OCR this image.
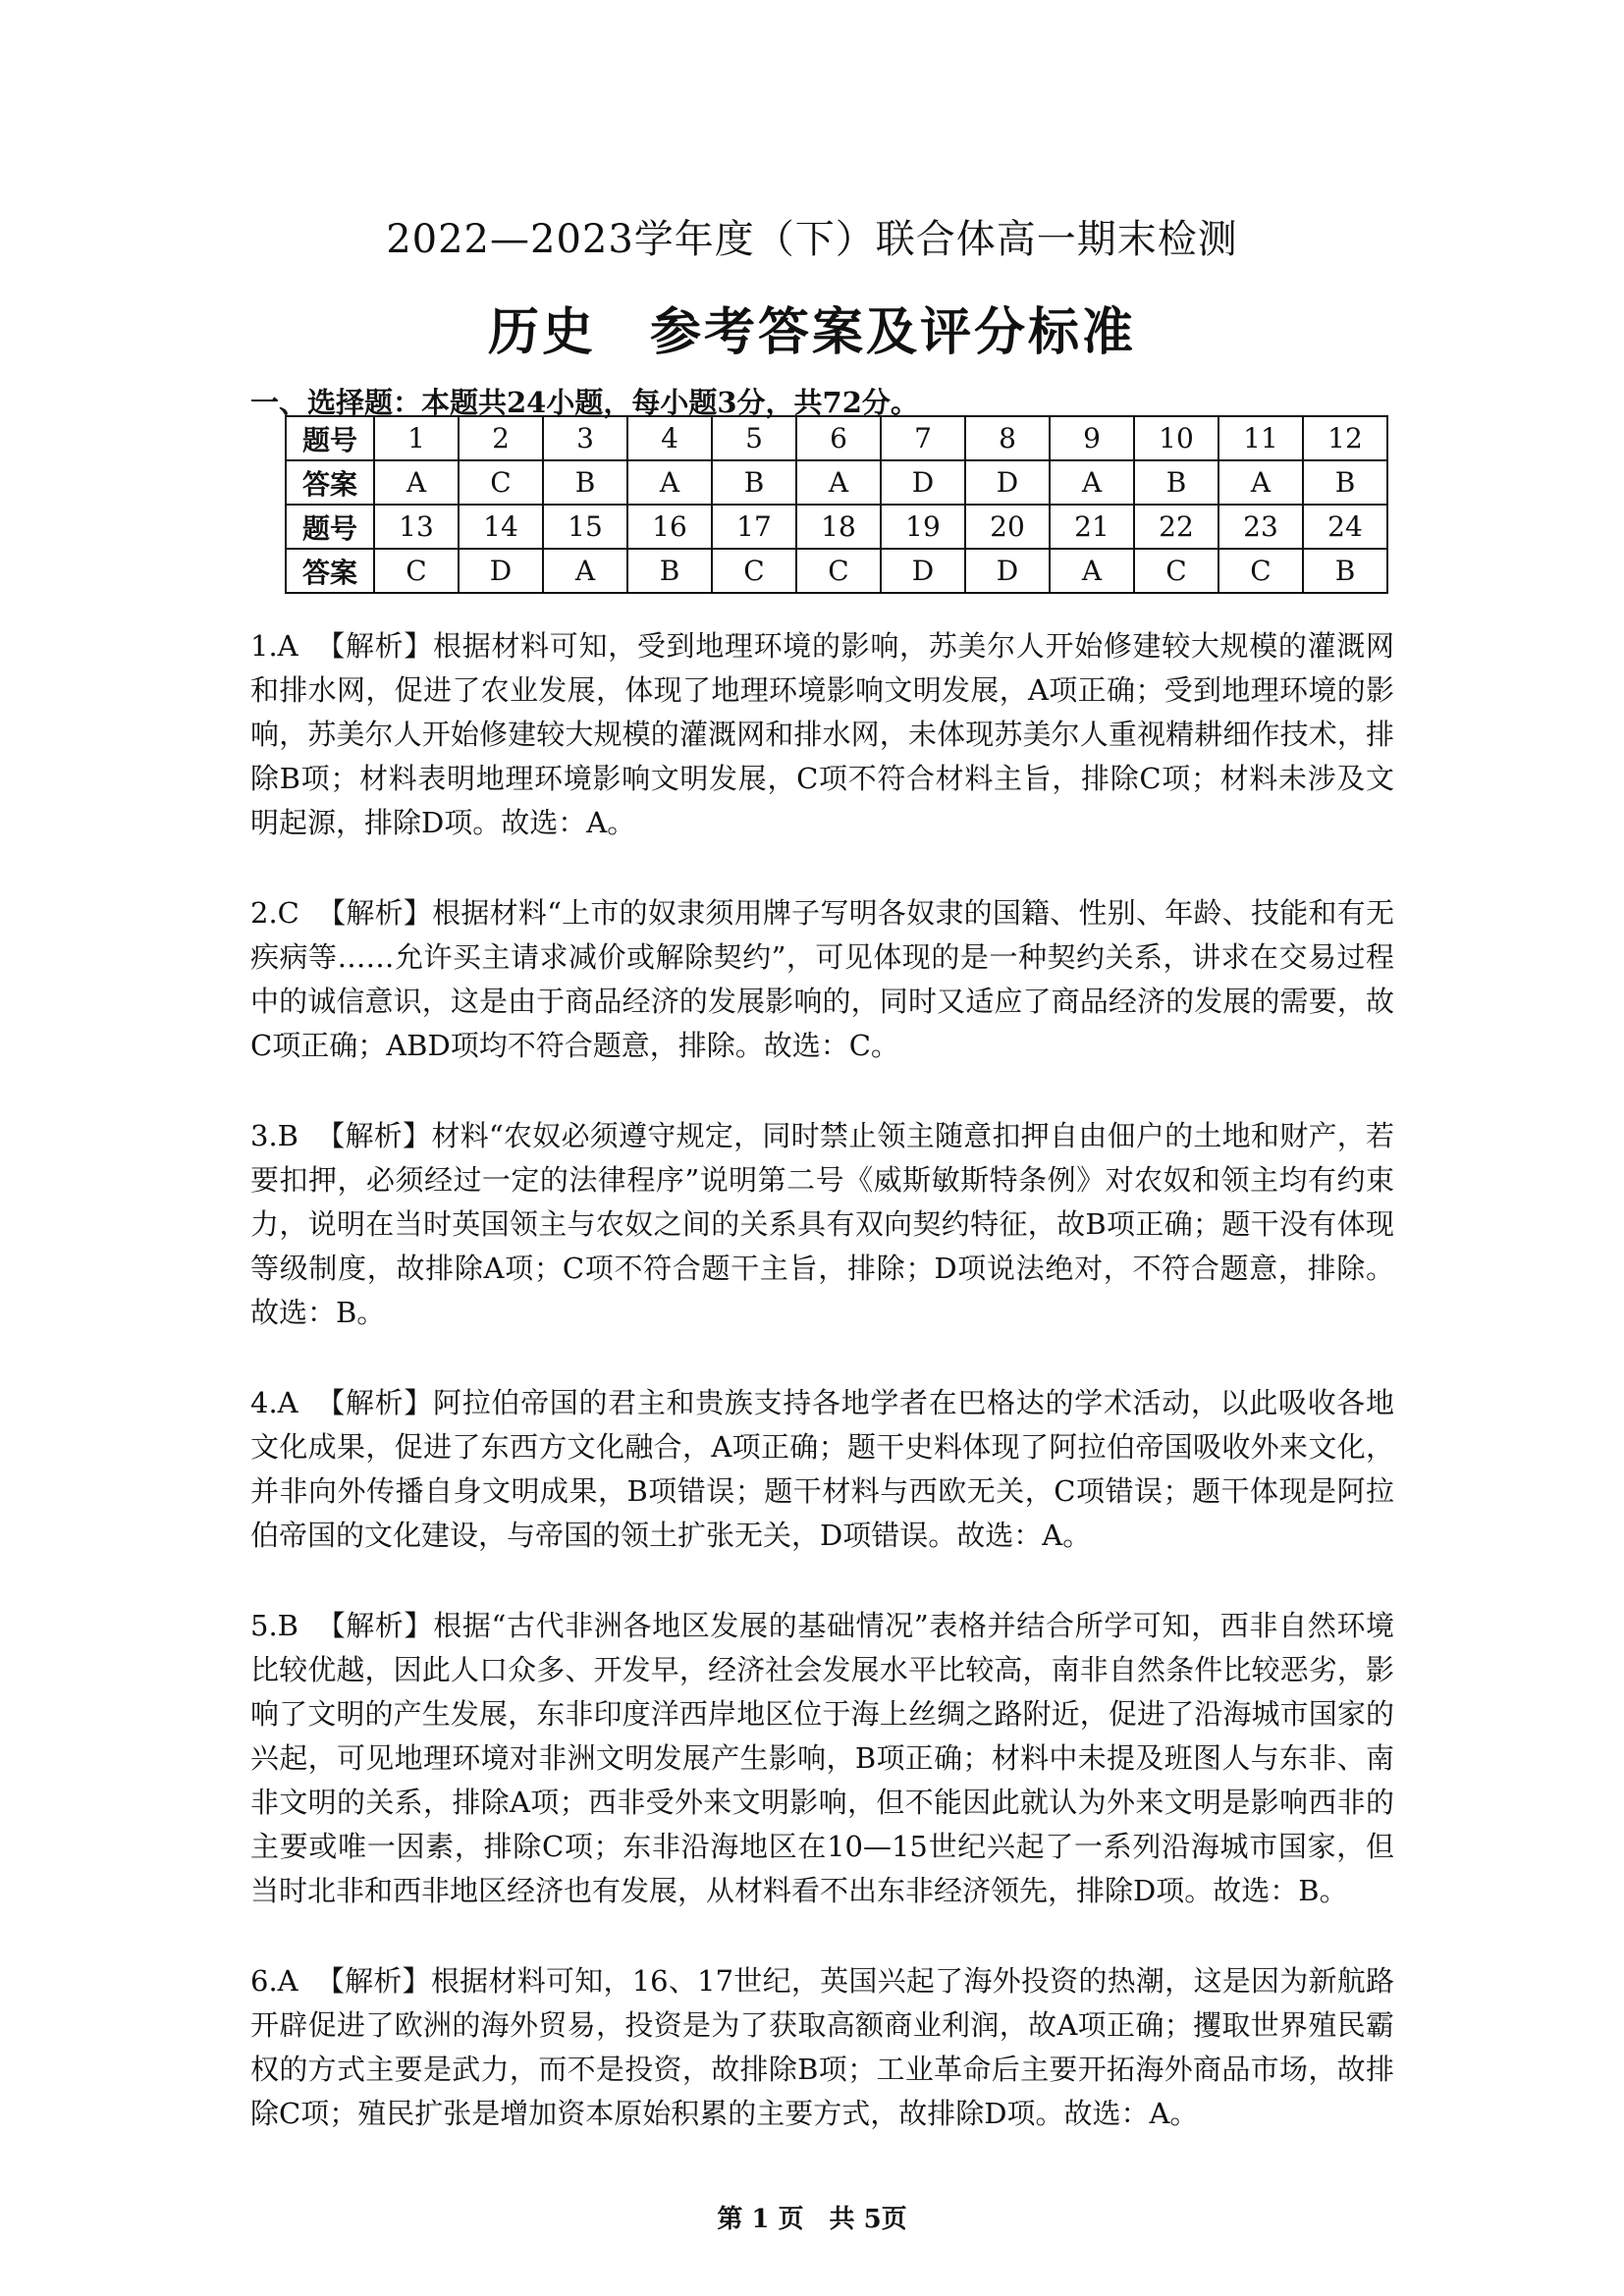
2022—2023学年度（下）联合体高一期末检测
历史　参考答案及评分标准
一、选择题：本题共24小题，每小题3分，共72分。
题号	1	2	3	4	5	6	7	8	9	10	11	12
答案	A	C	B	A	B	A	D	D	A	B	A	B
题号	13	14	15	16	17	18	19	20	21	22	23	24
答案	C	D	A	B	C	C	D	D	A	C	C	B
1.A 【解析】根据材料可知，受到地理环境的影响，苏美尔人开始修建较大规模的灌溉网和排水网，促进了农业发展，体现了地理环境影响文明发展，A项正确；受到地理环境的影响，苏美尔人开始修建较大规模的灌溉网和排水网，未体现苏美尔人重视精耕细作技术，排除B项；材料表明地理环境影响文明发展，C项不符合材料主旨，排除C项；材料未涉及文明起源，排除D项。故选：A。
2.C 【解析】根据材料“上市的奴隶须用牌子写明各奴隶的国籍、性别、年龄、技能和有无疾病等……允许买主请求减价或解除契约”，可见体现的是一种契约关系，讲求在交易过程中的诚信意识，这是由于商品经济的发展影响的，同时又适应了商品经济的发展的需要，故C项正确；ABD项均不符合题意，排除。故选：C。
3.B 【解析】材料“农奴必须遵守规定，同时禁止领主随意扣押自由佃户的土地和财产，若要扣押，必须经过一定的法律程序”说明第二号《威斯敏斯特条例》对农奴和领主均有约束力，说明在当时英国领主与农奴之间的关系具有双向契约特征，故B项正确；题干没有体现等级制度，故排除A项；C项不符合题干主旨，排除；D项说法绝对，不符合题意，排除。故选：B。
4.A 【解析】阿拉伯帝国的君主和贵族支持各地学者在巴格达的学术活动，以此吸收各地文化成果，促进了东西方文化融合，A项正确；题干史料体现了阿拉伯帝国吸收外来文化，并非向外传播自身文明成果，B项错误；题干材料与西欧无关，C项错误；题干体现是阿拉伯帝国的文化建设，与帝国的领土扩张无关，D项错误。故选：A。
5.B 【解析】根据“古代非洲各地区发展的基础情况”表格并结合所学可知，西非自然环境比较优越，因此人口众多、开发早，经济社会发展水平比较高，南非自然条件比较恶劣，影响了文明的产生发展，东非印度洋西岸地区位于海上丝绸之路附近，促进了沿海城市国家的兴起，可见地理环境对非洲文明发展产生影响，B项正确；材料中未提及班图人与东非、南非文明的关系，排除A项；西非受外来文明影响，但不能因此就认为外来文明是影响西非的主要或唯一因素，排除C项；东非沿海地区在10—15世纪兴起了一系列沿海城市国家，但当时北非和西非地区经济也有发展，从材料看不出东非经济领先，排除D项。故选：B。
6.A 【解析】根据材料可知，16、17世纪，英国兴起了海外投资的热潮，这是因为新航路开辟促进了欧洲的海外贸易，投资是为了获取高额商业利润，故A项正确；攫取世界殖民霸权的方式主要是武力，而不是投资，故排除B项；工业革命后主要开拓海外商品市场，故排除C项；殖民扩张是增加资本原始积累的主要方式，故排除D项。故选：A。
第 1 页　共 5页
